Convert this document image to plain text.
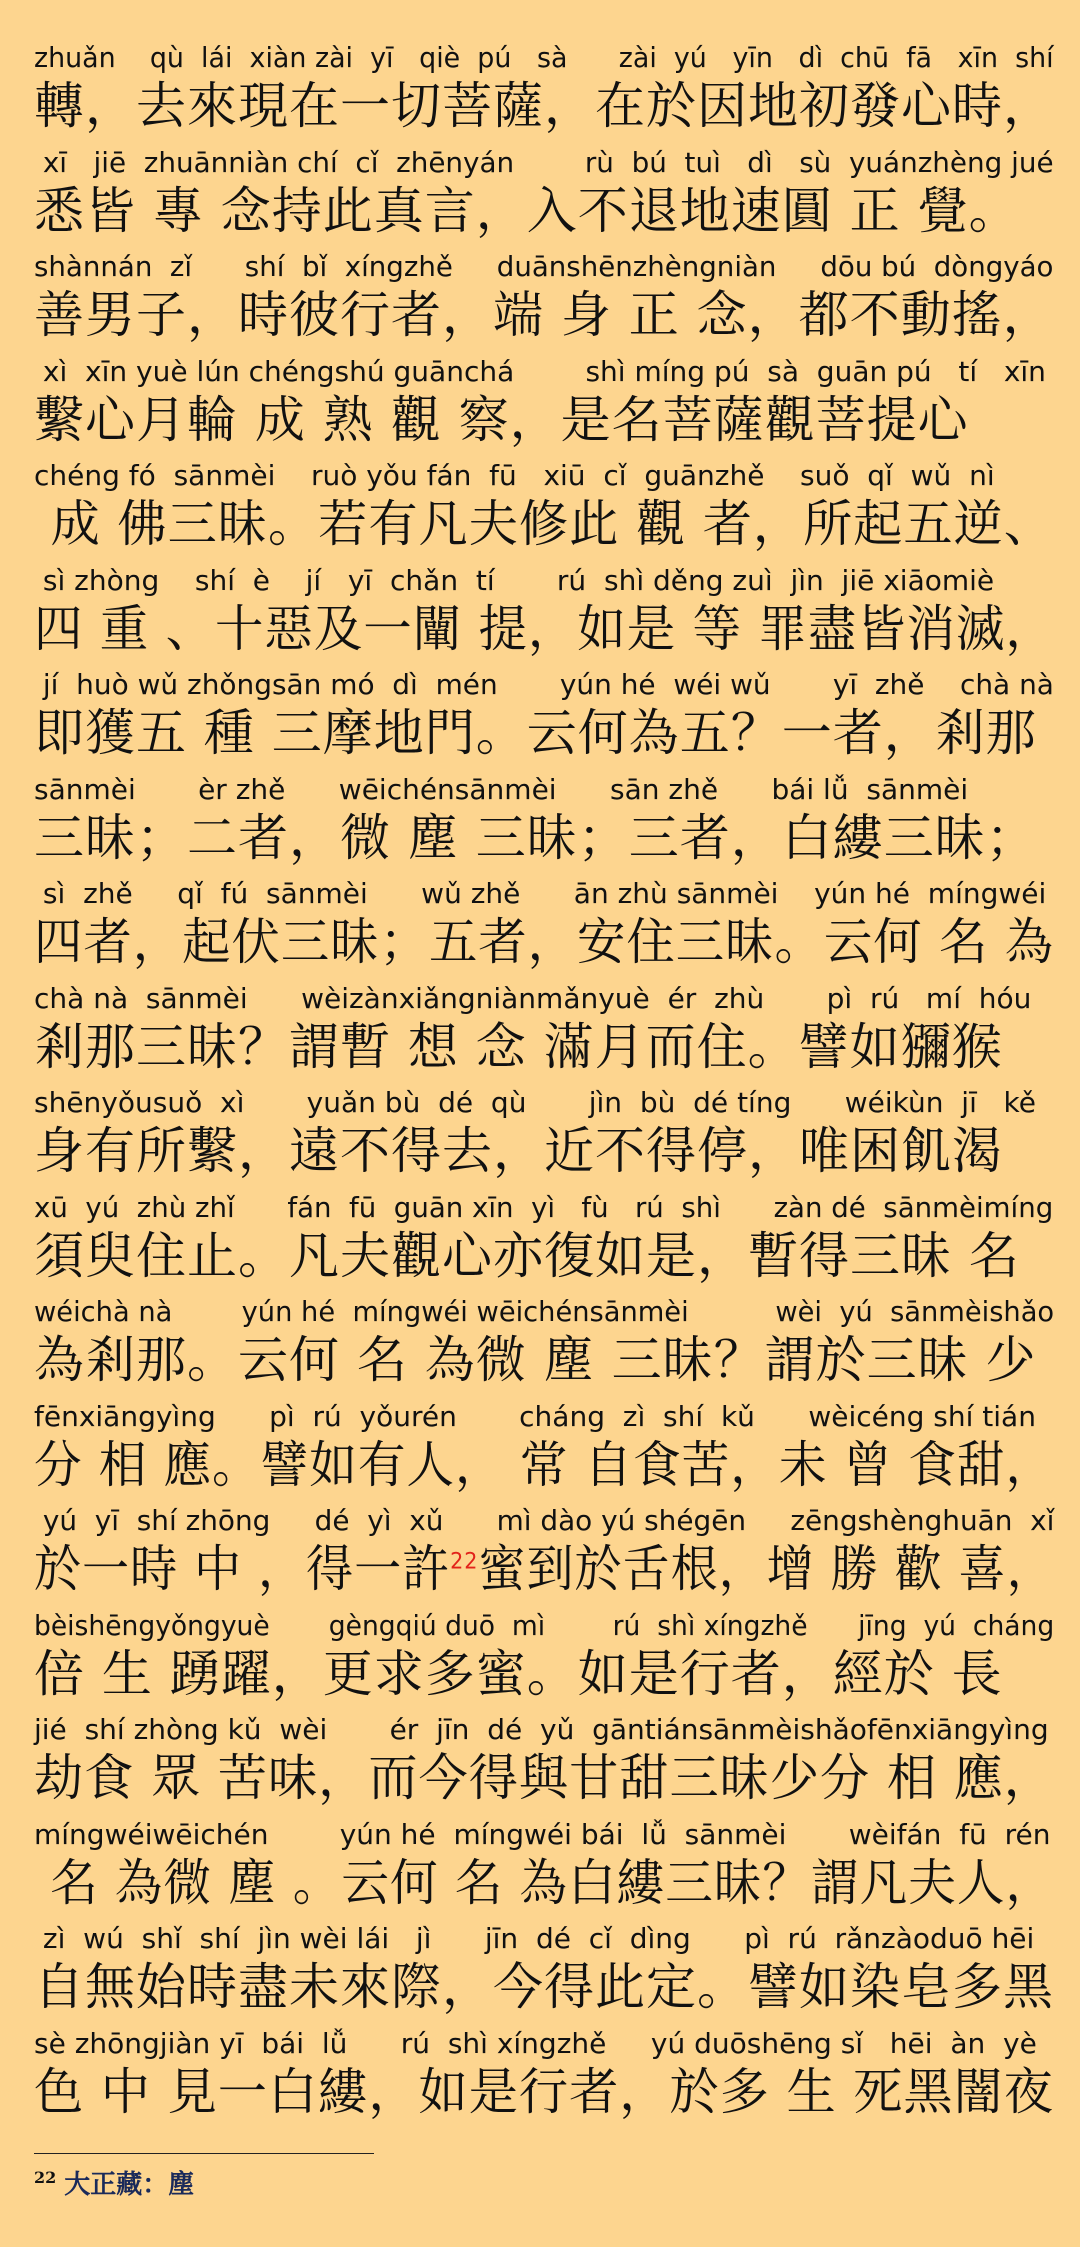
zhuǎn    qù  lái  xiàn zài  yī   qiè  pú   sà      zài  yú   yīn   dì  chū  fā   xīn  shí
轉，去來現在一切菩薩，在於因地初發心時，
xī   jiē  zhuānniàn chí  cǐ  zhēnyán        rù  bú  tuì   dì   sù  yuánzhèng jué
悉皆 專 念持此真言，入不退地速圓 正 覺。
shànnán  zǐ      shí  bǐ  xíngzhě     duānshēnzhèngniàn     dōu bú  dòngyáo
善男子，時彼行者，端 身 正 念，都不動搖，
xì  xīn yuè lún chéngshú guānchá        shì míng pú  sà  guān pú   tí   xīn
繫心月輪 成 熟 觀 察，是名菩薩觀菩提心
chéng fó  sānmèi    ruò yǒu fán  fū   xiū  cǐ  guānzhě    suǒ  qǐ  wǔ  nì
成 佛三昧。若有凡夫修此 觀 者，所起五逆、
sì zhòng    shí  è    jí   yī  chǎn  tí       rú  shì děng zuì  jìn  jiē xiāomiè
四 重 、十惡及一闡 提，如是 等 罪盡皆消滅，
jí  huò wǔ zhǒngsān mó  dì  mén       yún hé  wéi wǔ       yī  zhě    chà nà
即獲五 種 三摩地門。云何為五？一者，剎那
sānmèi       èr zhě      wēichénsānmèi      sān zhě      bái lǚ  sānmèi
三昧；二者，微 塵 三昧；三者，白縷三昧；
sì  zhě     qǐ  fú  sānmèi      wǔ zhě      ān zhù sānmèi    yún hé  míngwéi
四者，起伏三昧；五者，安住三昧。云何 名 為
chà nà  sānmèi      wèizànxiǎngniànmǎnyuè  ér  zhù       pì  rú   mí  hóu
剎那三昧？謂暫 想 念 滿月而住。譬如獼猴
shēnyǒusuǒ  xì       yuǎn bù  dé  qù       jìn  bù  dé tíng      wéikùn  jī   kě
身有所繫，遠不得去，近不得停，唯困飢渴
xū  yú  zhù zhǐ      fán  fū  guān xīn  yì   fù   rú  shì      zàn dé  sānmèimíng
須臾住止。凡夫觀心亦復如是，暫得三昧 名
wéichà nà        yún hé  míngwéi wēichénsānmèi          wèi  yú  sānmèishǎo
為剎那。云何 名 為微 塵 三昧？謂於三昧 少
fēnxiāngyìng      pì  rú  yǒurén       cháng  zì  shí  kǔ      wèicéng shí tián
分 相 應。譬如有人， 常 自食苦，未 曾 食甜，
yú  yī  shí zhōng     dé  yì  xǔ      mì dào yú shégēn     zēngshènghuān  xǐ
於一時 中 ，得一許$^{22}$蜜到於舌根，增 勝 歡 喜，
bèishēngyǒngyuè       gèngqiú duō  mì        rú  shì xíngzhě      jīng  yú  cháng
倍 生 踴躍，更求多蜜。如是行者，經於 長
jié  shí zhòng kǔ  wèi       ér  jīn  dé  yǔ  gāntiánsānmèishǎofēnxiāngyìng
劫食 眾 苦味，而今得與甘甜三昧少分 相 應，
míngwéiwēichén        yún hé  míngwéi bái  lǚ  sānmèi       wèifán  fū  rén
名 為微 塵 。云何 名 為白縷三昧？謂凡夫人，
zì  wú  shǐ  shí  jìn wèi lái   jì      jīn  dé  cǐ  dìng      pì  rú  rǎnzàoduō hēi
自無始時盡未來際，今得此定。譬如染皂多黑
sè zhōngjiàn yī  bái  lǚ      rú  shì xíngzhě     yú duōshēng sǐ   hēi  àn  yè
色 中 見一白縷，如是行者，於多 生 死黑闇夜
$^{22}$ 大正藏：塵
